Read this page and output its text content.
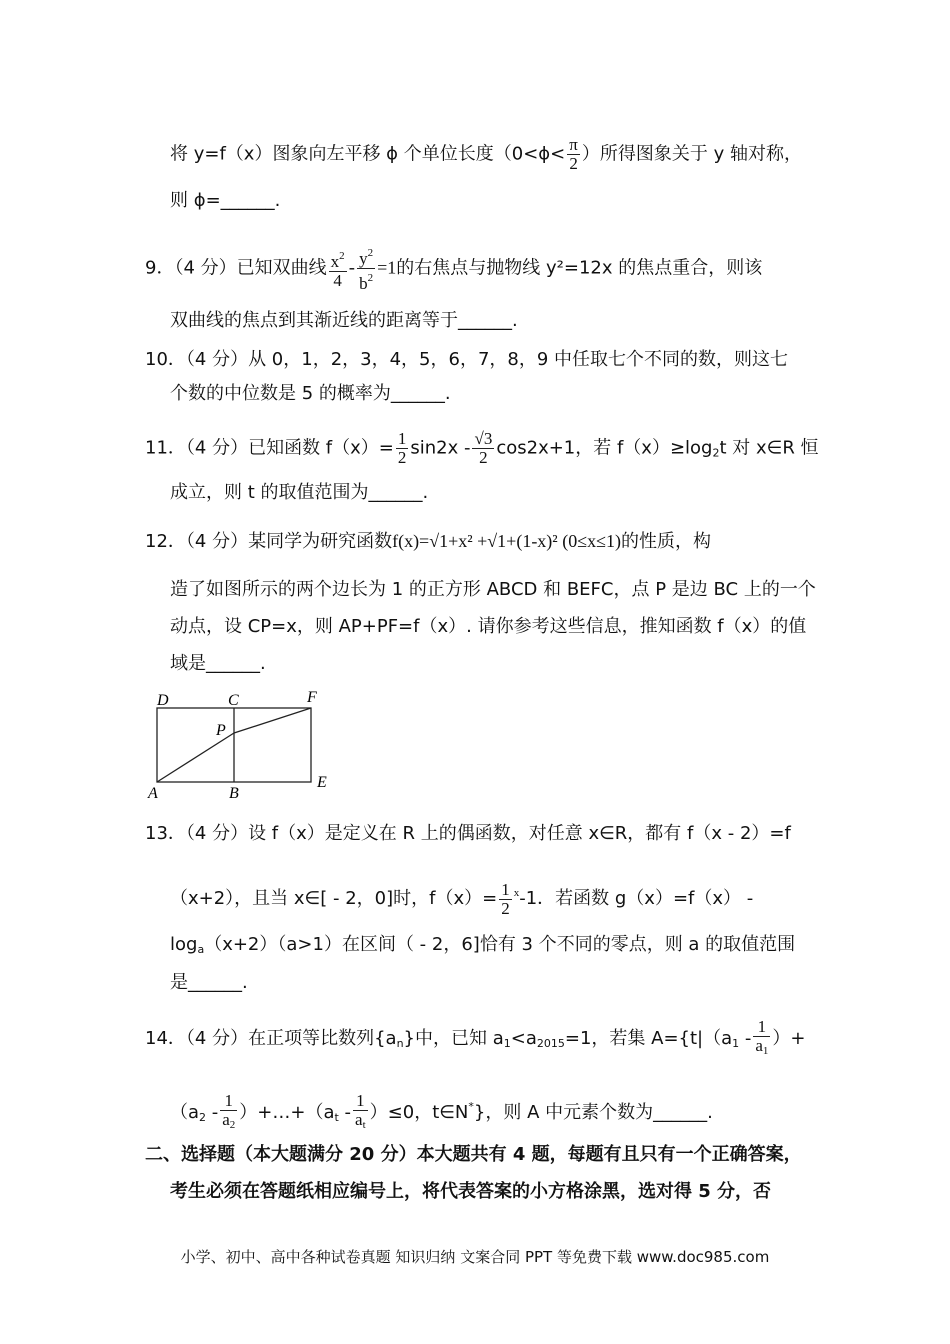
将 y=f（x）图象向左平移 ϕ 个单位长度（$0<\phi< \frac{\pi}{2}$ ）所得图象关于 y 轴对称，
则 ϕ=______.
9．（4 分）已知双曲线 $\frac{x^2}{4} - \frac{y^2}{b^2} =1$的右焦点与抛物线 y²=12x 的焦点重合，则该
双曲线的焦点到其渐近线的距离等于______.
10．（4 分）从 0，1，2，3，4，5，6，7，8，9 中任取七个不同的数，则这七
个数的中位数是 5 的概率为______.
11．（4 分）已知函数 $f(x)= \frac{1}{2} \sin 2x - \frac{√3}{2} \cos 2x+1$，若 $f(x)\ge\log_2t$ 对 x∈R 恒
成立，则 t 的取值范围为______.
12．（4 分）某同学为研究函数f(x)=√1+x² +√1+(1-x)² (0≤x≤1)的性质，构
造了如图所示的两个边长为 1 的正方形 ABCD 和 BEFC，点 P 是边 BC 上的一个
动点，设 CP=x，则 AP+PF=f（x）. 请你参考这些信息，推知函数 f（x）的值
域是______.
D	C	F
P
A	B
E
13．（4 分）设 f（x）是定义在 R 上的偶函数，对任意 x∈R，都有 f（x - 2）=f
（x+2），且当 x∈[ - 2，0]时，$f(x)= \frac{1}{2} ^x-1$．若函数 g（x）=f（x） -
$\log_a(x+2)(a>1)$在区间（ - 2，6]恰有 3 个不同的零点，则 a 的取值范围
是______.
14．（4 分）在正项等比数列$\{a_n\}$中，已知 $a_1<a_{2015}=1$，若集 $A=\{t|(a_1 - \frac{1}{a_1}$ ）+
（$a_2 - \frac{1}{a_2}$ ）$+\dots+(a_t - \frac{1}{a_t} )\le 0$，t∈N*}，则 A 中元素个数为______.
二、选择题（本大题满分 20 分）本大题共有 4 题，每题有且只有一个正确答案，
考生必须在答题纸相应编号上，将代表答案的小方格涂黑，选对得 5 分，否
小学、初中、高中各种试卷真题 知识归纳 文案合同 PPT 等免费下载 www.doc985.com
